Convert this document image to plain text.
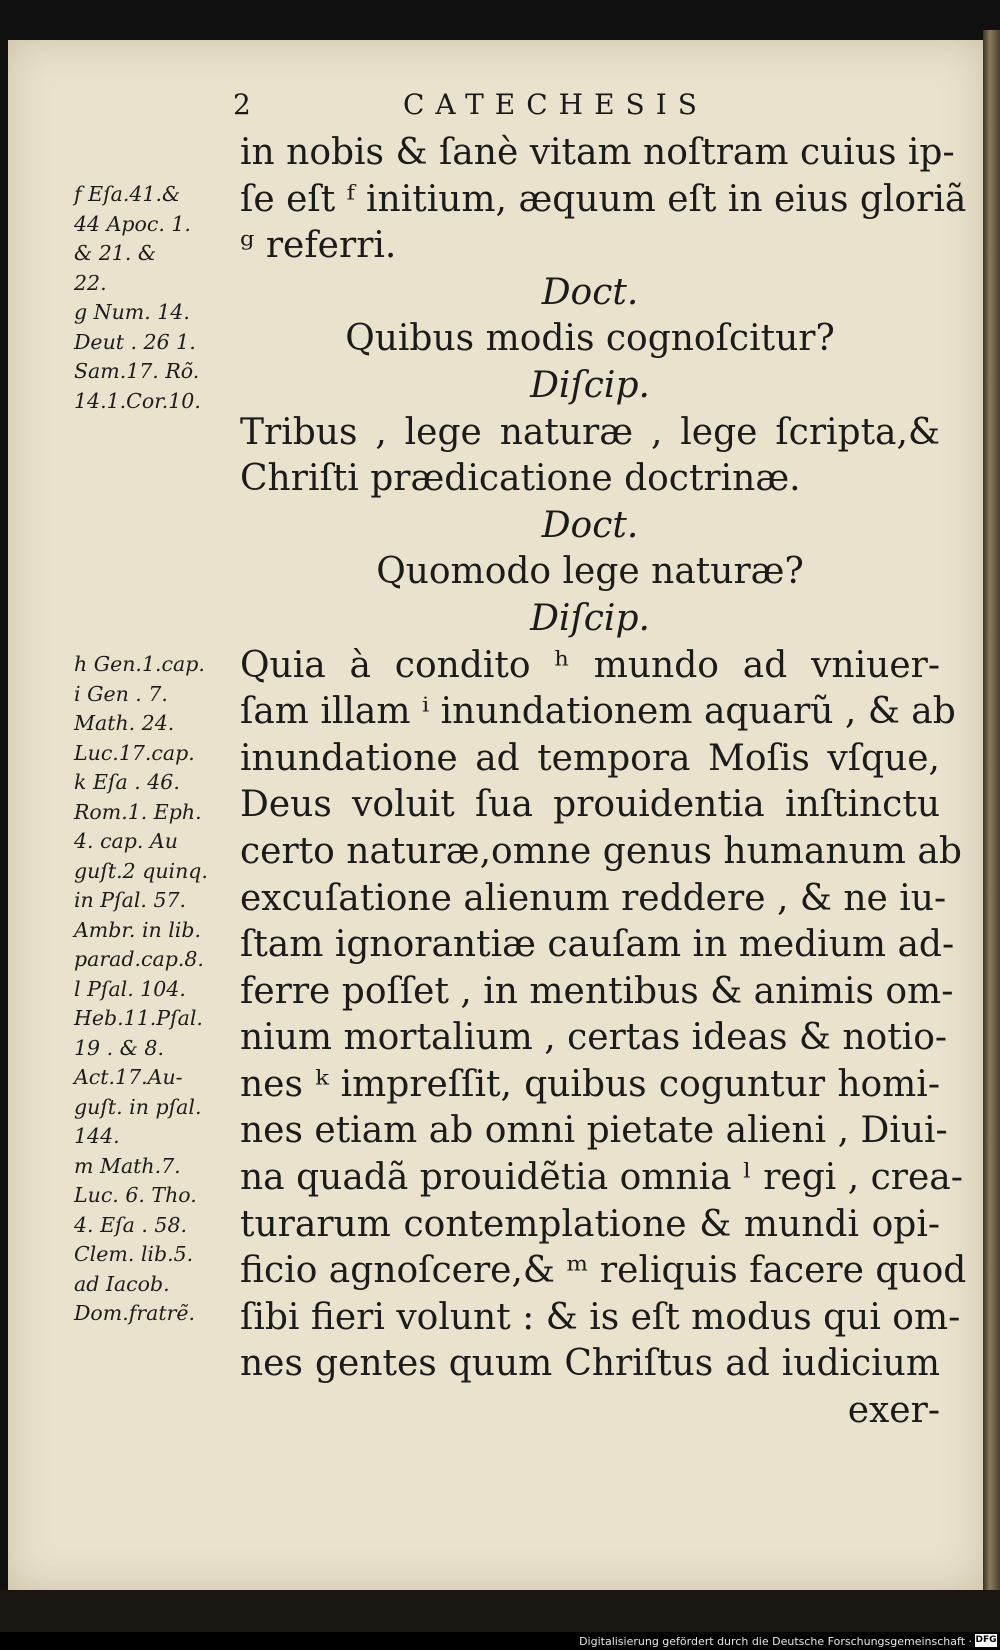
2	CATECHESIS
in nobis & ſanè vitam noſtram cuius ip-
ſe eſt ᶠ initium, æquum eſt in eius gloriã
ᵍ referri.
Doct.
Quibus modis cognoſcitur?
Diſcip.
Tribus , lege naturæ , lege ſcripta,&
Chriſti prædicatione doctrinæ.
Doct.
Quomodo lege naturæ?
Diſcip.
Quia à condito ʰ mundo ad vniuer-
ſam illam ⁱ inundationem aquarũ , & ab
inundatione ad tempora Moſis vſque,
Deus voluit ſua prouidentia inſtinctu
certo naturæ,omne genus humanum ab
excuſatione alienum reddere , & ne iu-
ſtam ignorantiæ cauſam in medium ad-
ferre poſſet , in mentibus & animis om-
nium mortalium , certas ideas & notio-
nes ᵏ impreſſit, quibus coguntur homi-
nes etiam ab omni pietate alieni , Diui-
na quadã prouidẽtia omnia ˡ regi , crea-
turarum contemplatione & mundi opi-
ficio agnoſcere,& ᵐ reliquis facere quod
ſibi fieri volunt : & is eſt modus qui om-
nes gentes quum Chriſtus ad iudicium
exer-
f Eſa.41.&
44 Apoc. 1.
& 21. &
22.
g Num. 14.
Deut . 26 1.
Sam.17. Rõ.
14.1.Cor.10.
h Gen.1.cap.
i Gen . 7.
Math. 24.
Luc.17.cap.
k Eſa . 46.
Rom.1. Eph.
4. cap. Au
guſt.2 quinq.
in Pſal. 57.
Ambr. in lib.
parad.cap.8.
l Pſal. 104.
Heb.11.Pſal.
19 . & 8.
Act.17.Au-
guſt. in pſal.
144.
m Math.7.
Luc. 6. Tho.
4. Eſa . 58.
Clem. lib.5.
ad Iacob.
Dom.fratrẽ.
Digitalisierung gefördert durch die Deutsche Forschungsgemeinschaft · DFG
